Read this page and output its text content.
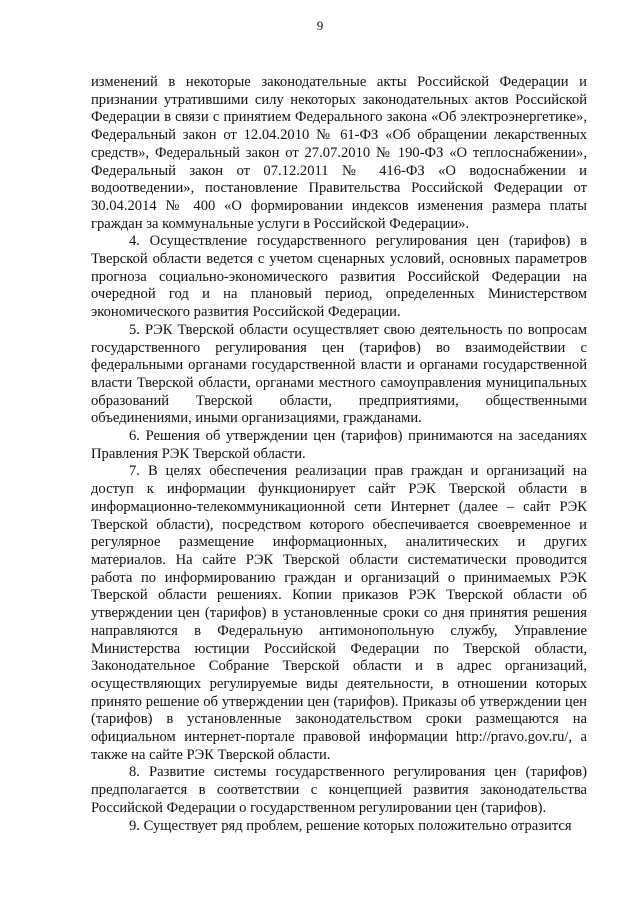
9

изменений в некоторые законодательные акты Российской Федерации и признании утратившими силу некоторых законодательных актов Российской Федерации в связи с принятием Федерального закона «Об электроэнергетике», Федеральный закон от 12.04.2010 № 61-ФЗ «Об обращении лекарственных средств», Федеральный закон от 27.07.2010 № 190-ФЗ «О теплоснабжении», Федеральный закон от 07.12.2011 № 416-ФЗ «О водоснабжении и водоотведении», постановление Правительства Российской Федерации от 30.04.2014 № 400 «О формировании индексов изменения размера платы граждан за коммунальные услуги в Российской Федерации».

4. Осуществление государственного регулирования цен (тарифов) в Тверской области ведется с учетом сценарных условий, основных параметров прогноза социально-экономического развития Российской Федерации на очередной год и на плановый период, определенных Министерством экономического развития Российской Федерации.

5. РЭК Тверской области осуществляет свою деятельность по вопросам государственного регулирования цен (тарифов) во взаимодействии с федеральными органами государственной власти и органами государственной власти Тверской области, органами местного самоуправления муниципальных образований Тверской области, предприятиями, общественными объединениями, иными организациями, гражданами.

6. Решения об утверждении цен (тарифов) принимаются на заседаниях Правления РЭК Тверской области.

7. В целях обеспечения реализации прав граждан и организаций на доступ к информации функционирует сайт РЭК Тверской области в информационно-телекоммуникационной сети Интернет (далее – сайт РЭК Тверской области), посредством которого обеспечивается своевременное и регулярное размещение информационных, аналитических и других материалов. На сайте РЭК Тверской области систематически проводится работа по информированию граждан и организаций о принимаемых РЭК Тверской области решениях. Копии приказов РЭК Тверской области об утверждении цен (тарифов) в установленные сроки со дня принятия решения направляются в Федеральную антимонопольную службу, Управление Министерства юстиции Российской Федерации по Тверской области, Законодательное Собрание Тверской области и в адрес организаций, осуществляющих регулируемые виды деятельности, в отношении которых принято решение об утверждении цен (тарифов). Приказы об утверждении цен (тарифов) в установленные законодательством сроки размещаются на официальном интернет-портале правовой информации http://pravo.gov.ru/, а также на сайте РЭК Тверской области.

8. Развитие системы государственного регулирования цен (тарифов) предполагается в соответствии с концепцией развития законодательства Российской Федерации о государственном регулировании цен (тарифов).

9. Существует ряд проблем, решение которых положительно отразится
